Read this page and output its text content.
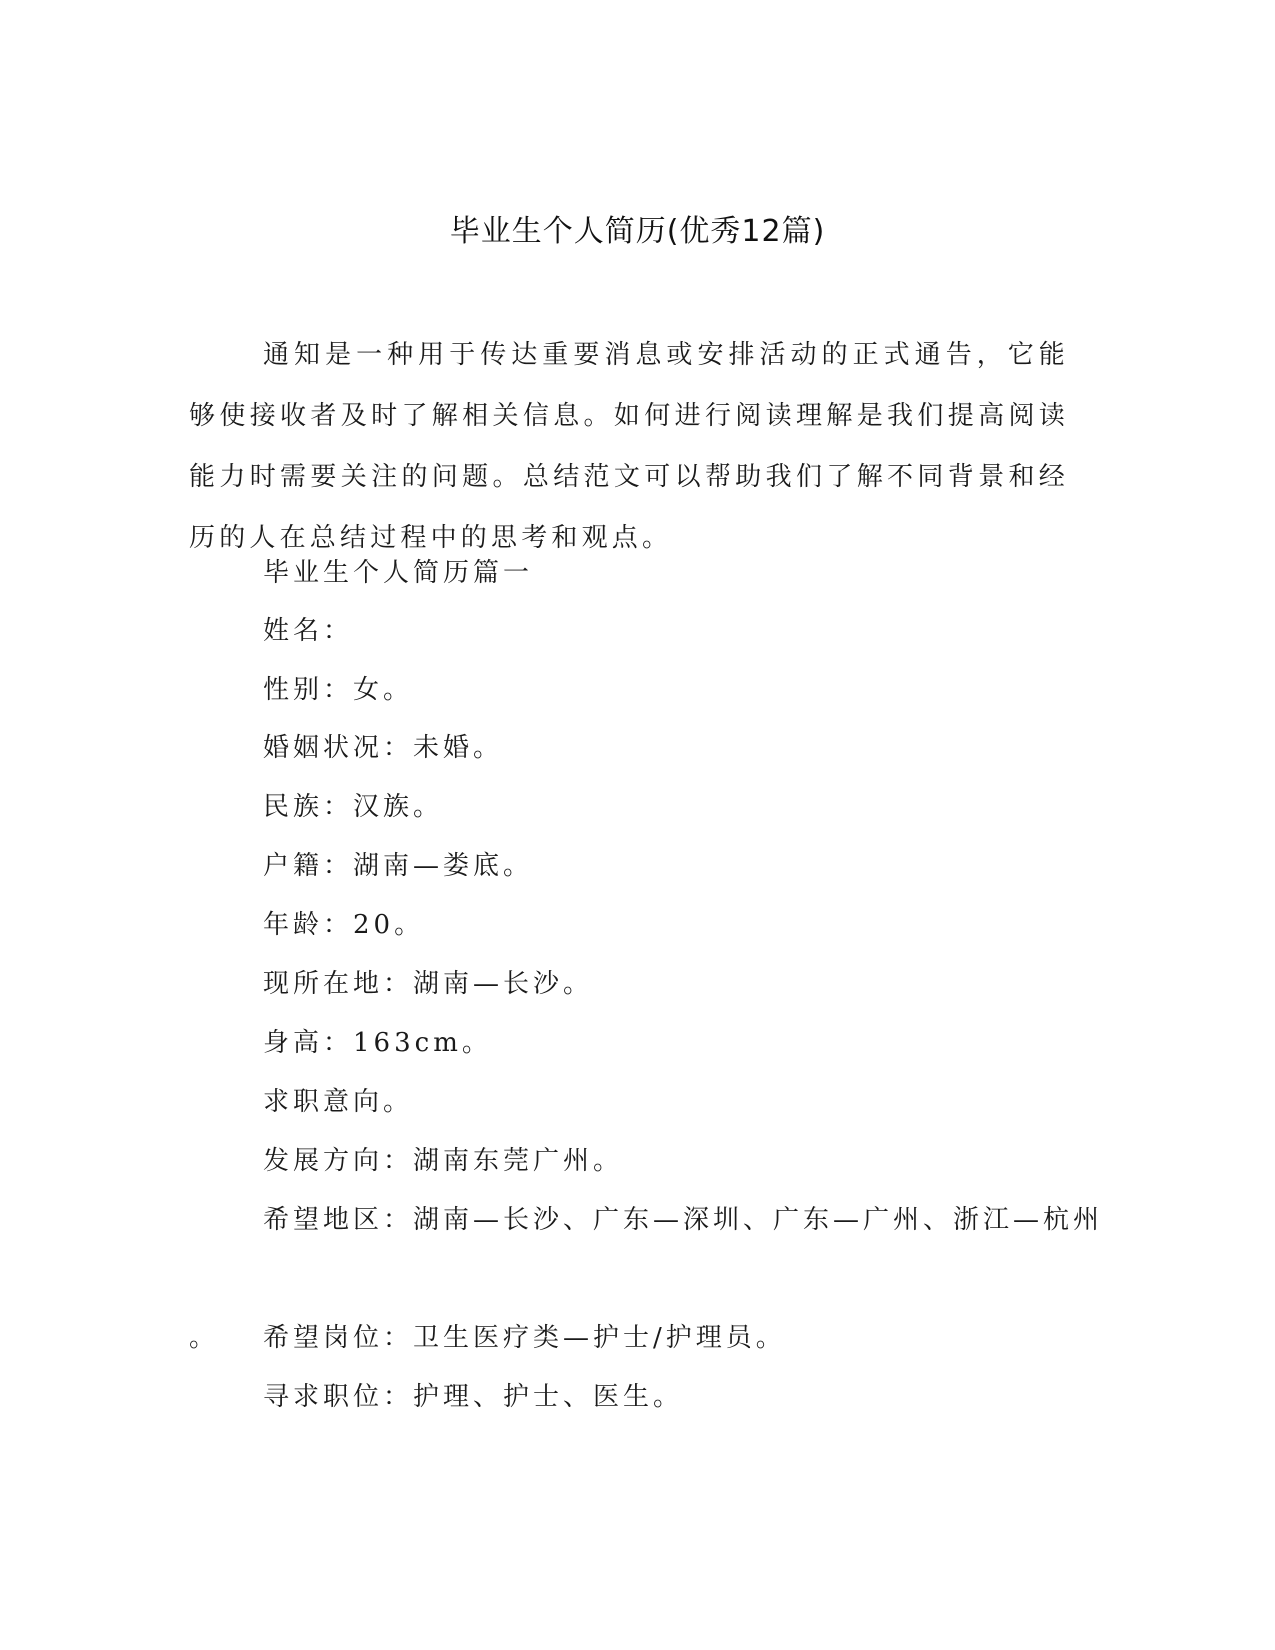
毕业生个人简历(优秀12篇)

通知是一种用于传达重要消息或安排活动的正式通告，它能够使接收者及时了解相关信息。如何进行阅读理解是我们提高阅读能力时需要关注的问题。总结范文可以帮助我们了解不同背景和经历的人在总结过程中的思考和观点。

毕业生个人简历篇一

姓名：

性别：女。

婚姻状况：未婚。

民族：汉族。

户籍：湖南—娄底。

年龄：20。

现所在地：湖南—长沙。

身高：163cm。

求职意向。

发展方向：湖南东莞广州。

希望地区：湖南—长沙、广东—深圳、广东—广州、浙江—杭州

。 希望岗位：卫生医疗类—护士/护理员。

寻求职位：护理、护士、医生。
